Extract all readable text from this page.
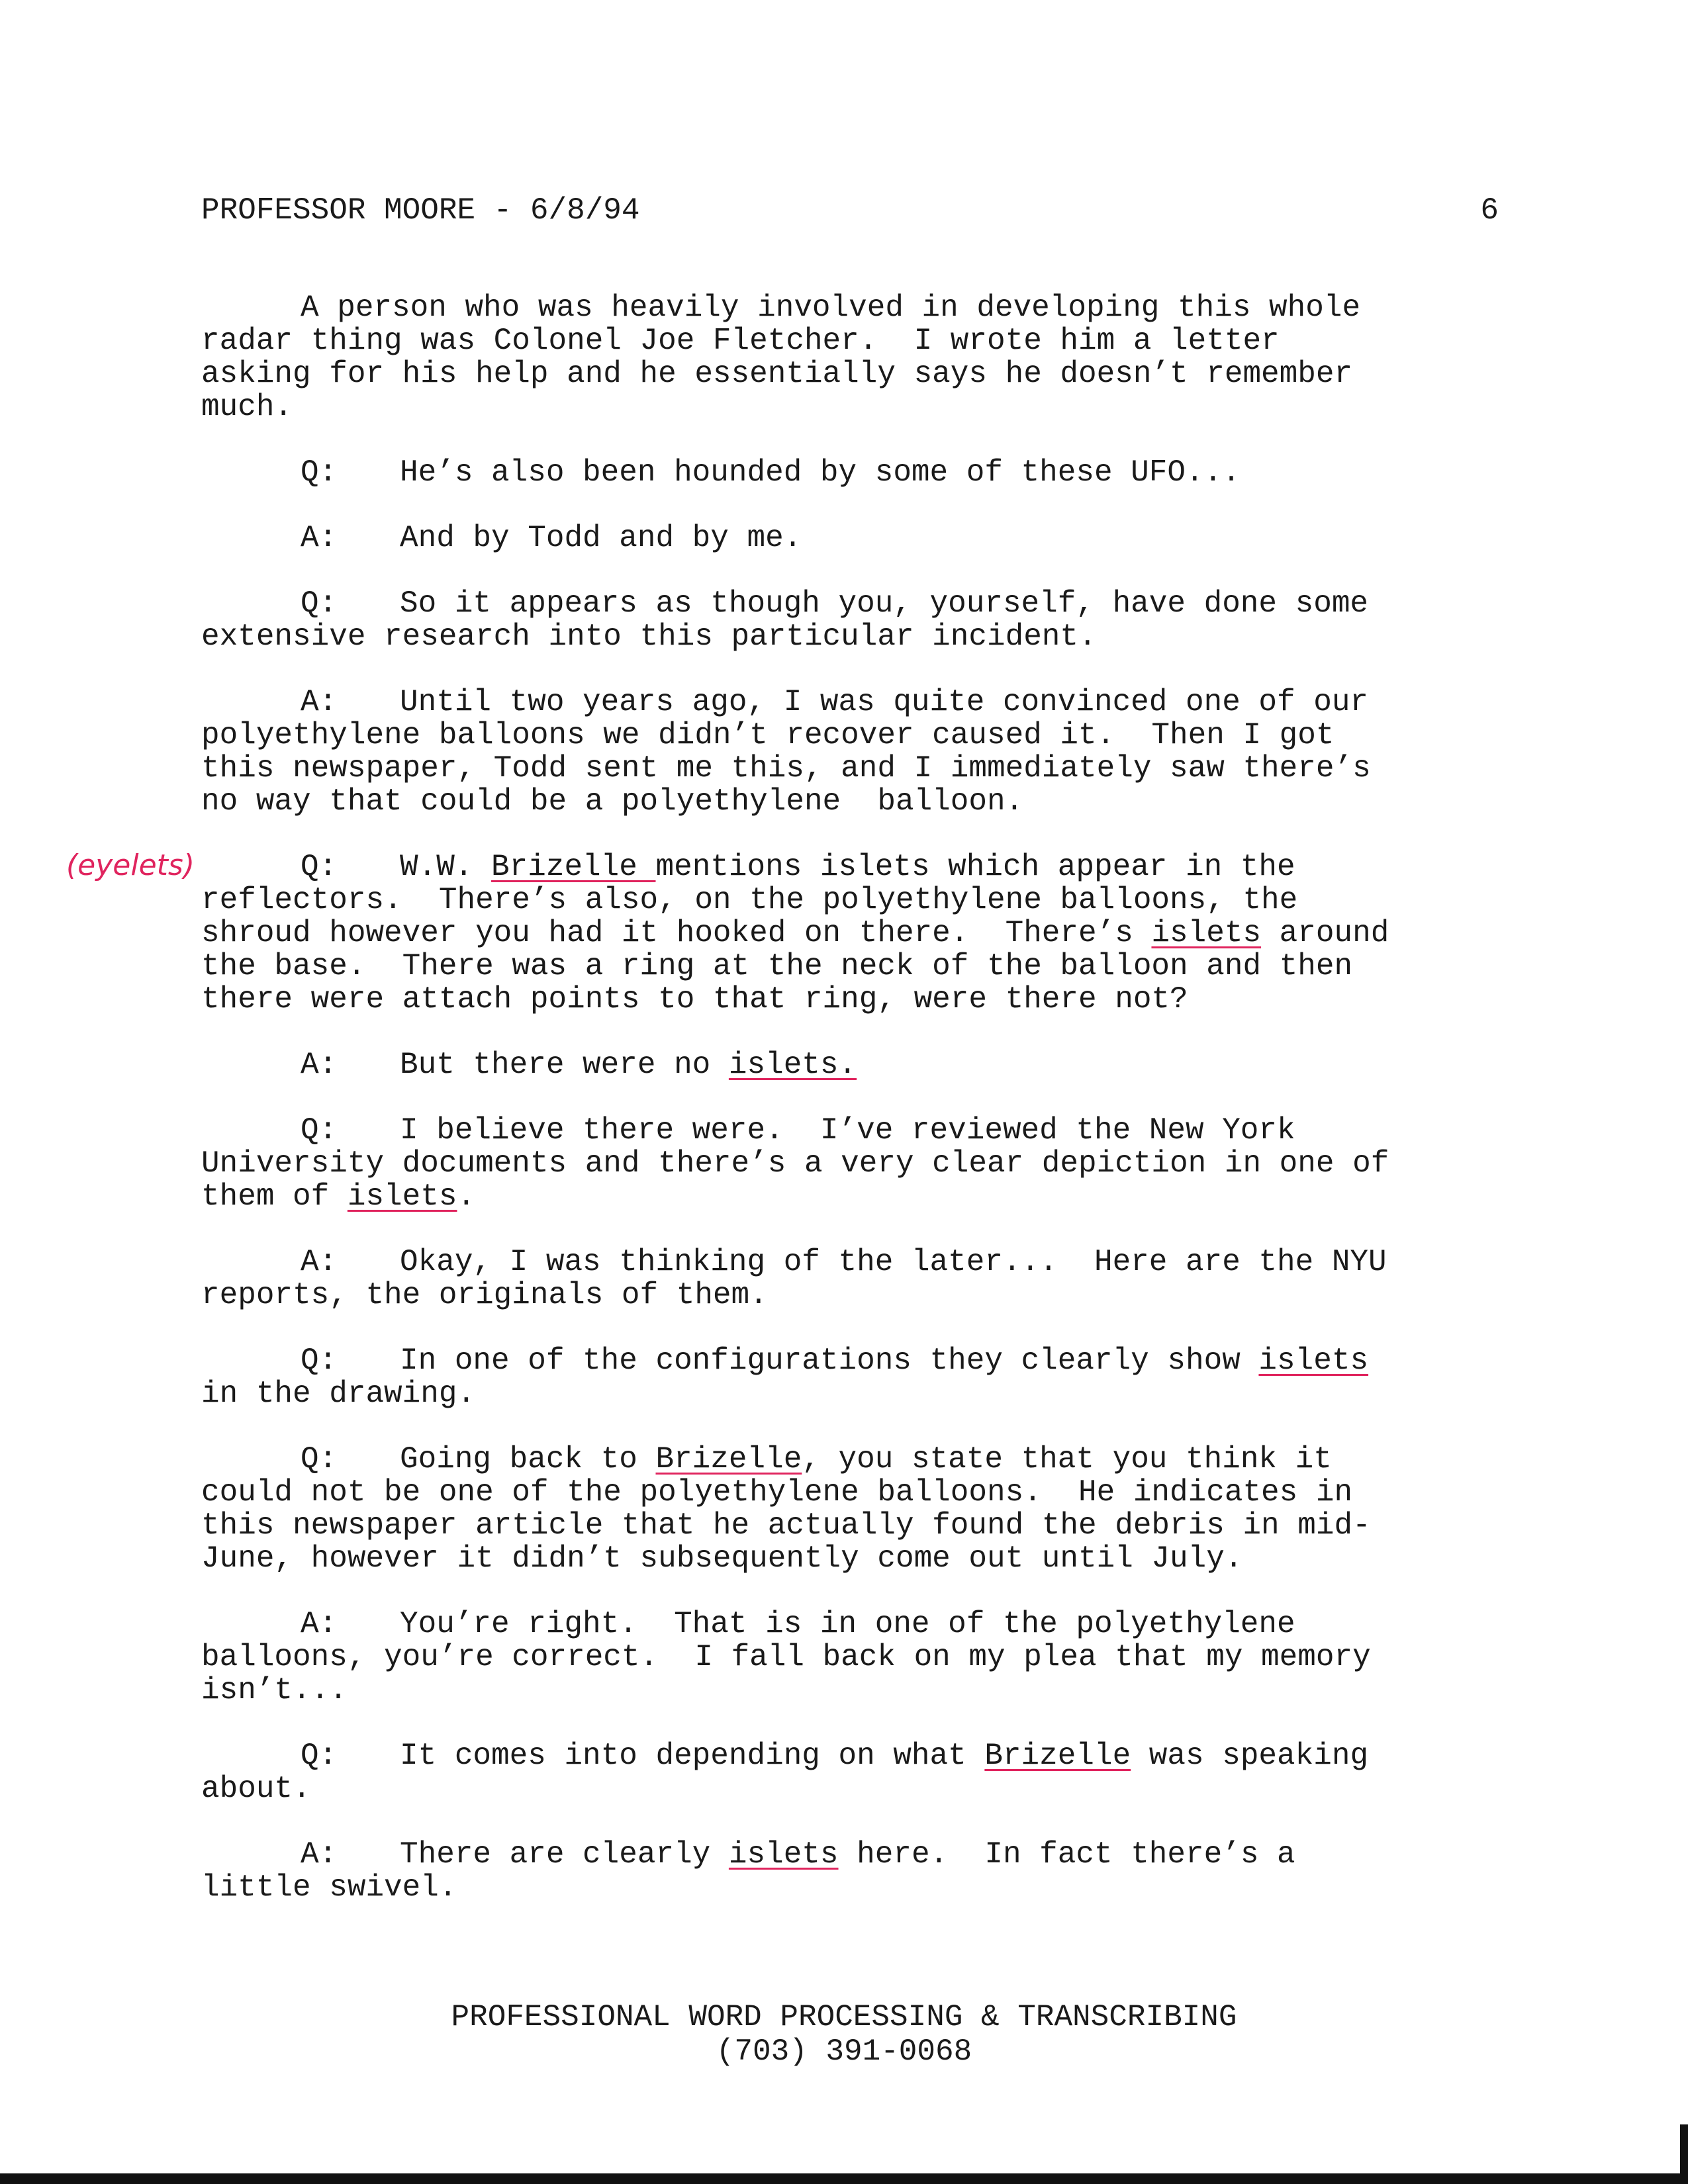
PROFESSOR MOORE - 6/8/94	6
(eyelets)

A person who was heavily involved in developing this whole
radar thing was Colonel Joe Fletcher.  I wrote him a letter
asking for his help and he essentially says he doesn’t remember
much.

Q: He’s also been hounded by some of these UFO...

A: And by Todd and by me.

Q: So it appears as though you, yourself, have done some
extensive research into this particular incident.

A: Until two years ago, I was quite convinced one of our
polyethylene balloons we didn’t recover caused it.  Then I got
this newspaper, Todd sent me this, and I immediately saw there’s
no way that could be a polyethylene  balloon.

Q: W.W. Brizelle mentions islets which appear in the
reflectors.  There’s also, on the polyethylene balloons, the
shroud however you had it hooked on there.  There’s islets around
the base.  There was a ring at the neck of the balloon and then
there were attach points to that ring, were there not?

A: But there were no islets.

Q: I believe there were.  I’ve reviewed the New York
University documents and there’s a very clear depiction in one of
them of islets.

A: Okay, I was thinking of the later...  Here are the NYU
reports, the originals of them.

Q: In one of the configurations they clearly show islets
in the drawing.

Q: Going back to Brizelle, you state that you think it
could not be one of the polyethylene balloons.  He indicates in
this newspaper article that he actually found the debris in mid-
June, however it didn’t subsequently come out until July.

A: You’re right.  That is in one of the polyethylene
balloons, you’re correct.  I fall back on my plea that my memory
isn’t...

Q: It comes into depending on what Brizelle was speaking
about.

A: There are clearly islets here.  In fact there’s a
little swivel.

PROFESSIONAL WORD PROCESSING & TRANSCRIBING
(703) 391-0068
